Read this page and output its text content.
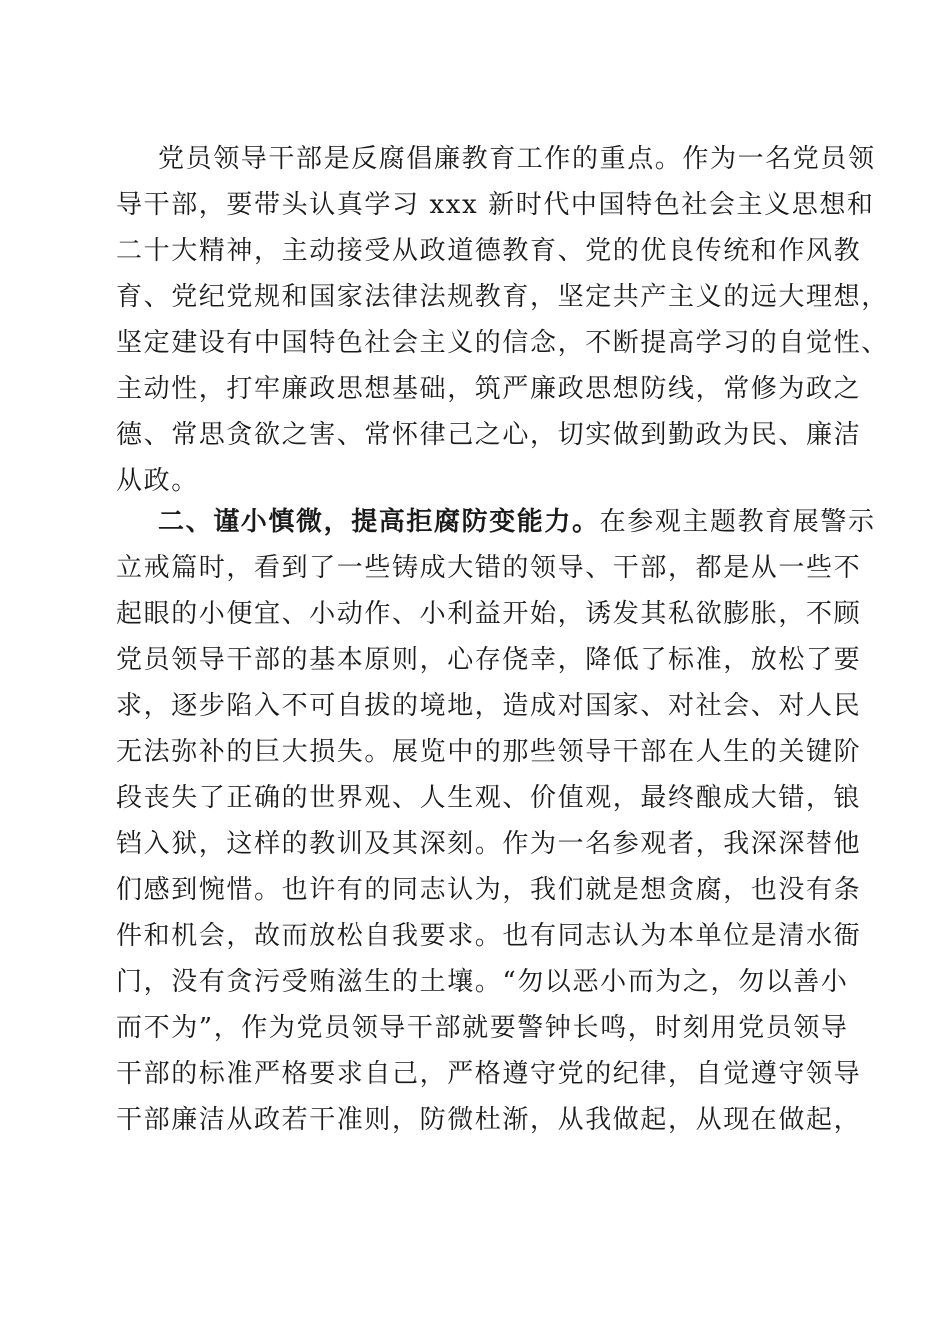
党员领导干部是反腐倡廉教育工作的重点。作为一名党员领
导干部，要带头认真学习 xxx 新时代中国特色社会主义思想和
二十大精神，主动接受从政道德教育、党的优良传统和作风教
育、党纪党规和国家法律法规教育，坚定共产主义的远大理想，
坚定建设有中国特色社会主义的信念，不断提高学习的自觉性、
主动性，打牢廉政思想基础，筑严廉政思想防线，常修为政之
德、常思贪欲之害、常怀律己之心，切实做到勤政为民、廉洁
从政。
二、谨小慎微，提高拒腐防变能力。在参观主题教育展警示
立戒篇时，看到了一些铸成大错的领导、干部，都是从一些不
起眼的小便宜、小动作、小利益开始，诱发其私欲膨胀，不顾
党员领导干部的基本原则，心存侥幸，降低了标准，放松了要
求，逐步陷入不可自拔的境地，造成对国家、对社会、对人民
无法弥补的巨大损失。展览中的那些领导干部在人生的关键阶
段丧失了正确的世界观、人生观、价值观，最终酿成大错，锒
铛入狱，这样的教训及其深刻。作为一名参观者，我深深替他
们感到惋惜。也许有的同志认为，我们就是想贪腐，也没有条
件和机会，故而放松自我要求。也有同志认为本单位是清水衙
门，没有贪污受贿滋生的土壤。“勿以恶小而为之，勿以善小
而不为”，作为党员领导干部就要警钟长鸣，时刻用党员领导
干部的标准严格要求自己，严格遵守党的纪律，自觉遵守领导
干部廉洁从政若干准则，防微杜渐，从我做起，从现在做起，
